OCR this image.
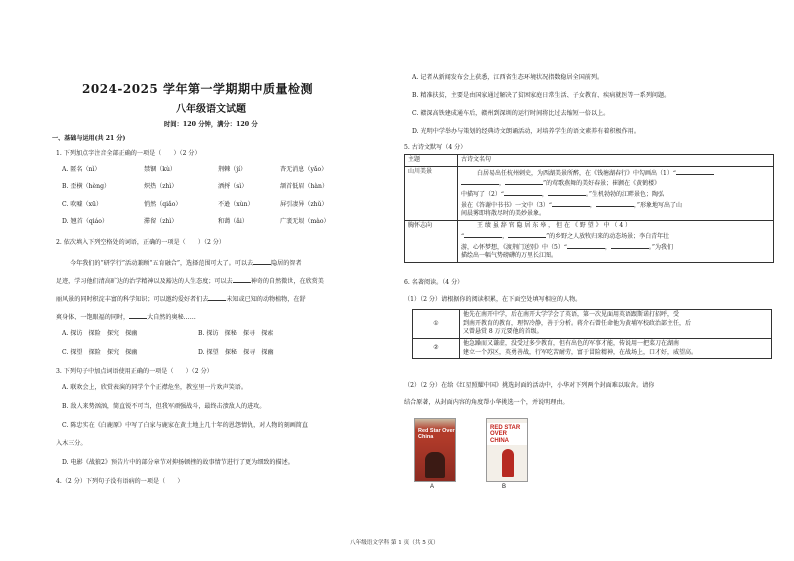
2024-2025 学年第一学期期中质量检测
八年级语文试题
时间：120 分钟，满分：120 分
一、基础与运用(共 21 分)
1. 下列加点字注音全部正确的一项是（　　）（2 分）
A. 匿名（nì）	禁锢（kù）	荆棘（jí）	杳无消息（yǎo）
B. 歪横（hèng）	炽热（zhì）	洒捋（sì）	颔首低眉（hàn）
C. 吹嘘（xū）	悄然（qiǎo）	不逊（xùn）	屏引凄异（zhǔ）
D. 翘首（qiáo）	滞留（zhì）	和蔼（ǎi）	广袤无垠（mào）
2. 依次填入下列空格处的词语，正确的一项是（　　）（2 分）
今年我们的“研学行”活动兼顾“五育融合”，选择范围可大了。可以去	隐居的智者
足迹，学习他们清高旷达的治学精神以及豁达的人生态度；可以去	神奇的自然微世，在欣赏美
丽风景的同时积淀丰富的科学知识；可以邀约爱好者们去	未知或已知的动物植物，在舒
爽身体、一饱眼福的同时，	大自然的奥秘……
A. 探访　探险　探究　探幽	B. 探访　探秘　探寻　探索
C. 探望　探险　探究　探幽	D. 探望　探秘　探寻　探幽
3. 下列句子中加点词语使用正确的一项是（　　）（2 分）
A. 联欢会上，欣赏表演的同学个个正襟危坐，教室里一片欢声笑语。
B. 敌人来势汹汹，简直锐不可当，但我军顽强战斗，最终击溃敌人的进攻。
C. 陈忠实在《白鹿原》中写了白家与鹿家在黄土地上几十年的恩怨情仇，对人物的刻画简直
入木三分。
D. 电影《战狼2》预告片中的部分章节对抑扬顿挫的故事情节进行了更为细致的描述。
4.（2 分）下列句子没有语病的一项是（　　）
A. 记者从新闻发布会上获悉，江西省生态环境状况指数稳居全国前列。
B. 精准扶贫，主要是由国家通过解决了贫困家庭日常生活、子女教育、疾病就医等一系列问题。
C. 赣深高铁建成通车后，赣州到深圳的运行时间将比过去缩短一倍以上。
D. 光明中学举办与策划的经典诗文朗诵活动，对培养学生的语文素养有着积极作用。
5. 古诗文默写（4 分）
主题	古诗文名句
山川美景	白居易出任杭州刺史，为西湖美景所醉，在《钱塘湖春行》中勾画出（1）“
， ”的莺歌燕舞的美好春景；崔颢在《黄鹤楼》
中描写了（2）“ ， 。”生机勃勃的江畔景色；陶弘
景在《答谢中书书》一文中（3）“ ， ，”形象地写出了山
间晨雾即将散尽时的美妙景象。

胸怀志向	王 绩 虽 辞 官 隐 居 东 皋 ， 但 在 《 野 望 》 中 （ 4 ）
“ ， ”的乡野之人放牧归来的动态场景；李白青年壮
游，心怀梦想，《渡荆门送别》中（5）“ ， 。”为我们
描绘出一幅气势磅礴的万里长江图。
6. 名著阅读。（4 分）
（1）（2 分）请根据你的阅读积累，在下面空处填写相应的人物。
①	他先在南开中学，后在南开大学学会了英语，第一次见面用英语跟斯诺打招呼，受
到南开教育的教育，理智冷静，善于分析。蒋介石曾任命他为黄埔军校政治部主任，后
又曾悬赏 8 万元要他的首级。

②	他急躁而又谦虚，没受过多少教育，但有出色的军事才能，传说用一把菜刀在湖南
建立一个苏区，英勇善战，行军吃苦耐劳，富于冒险精神，在战场上，口才好，威望高。
（2）（2 分）在给《红星照耀中国》挑选封面的活动中，小华对下列两个封面难以取舍。请你
结合原著，从封面内容的角度帮小华挑选一个，并说明理由。
Red Star Over China
A
RED STAR OVER CHINA
B
八年级语文学科 第 1 页（共 5 页）
